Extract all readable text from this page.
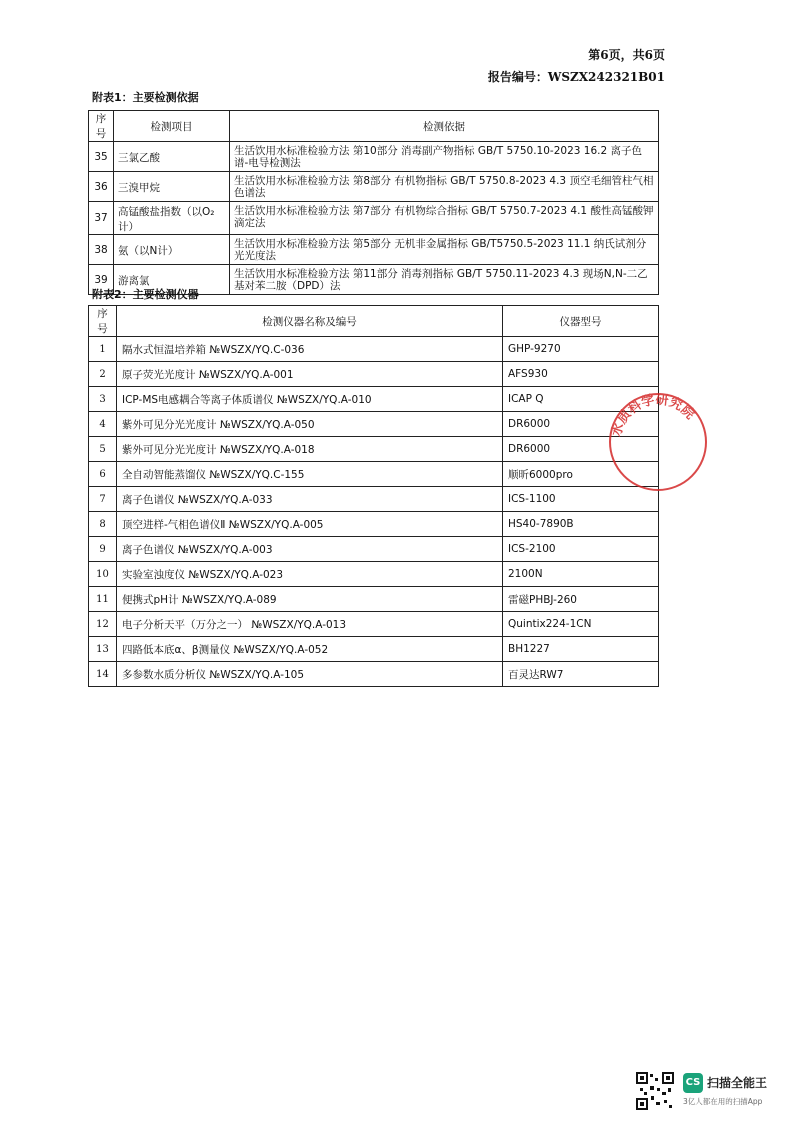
第6页，共6页
报告编号：WSZX242321B01
附表1：主要检测依据
序号	检测项目	检测依据
35	三氯乙酸	生活饮用水标准检验方法 第10部分 消毒副产物指标 GB/T 5750.10-2023 16.2 离子色谱-电导检测法
36	三溴甲烷	生活饮用水标准检验方法 第8部分 有机物指标 GB/T 5750.8-2023 4.3 顶空毛细管柱气相色谱法
37	高锰酸盐指数（以O₂ 计）	生活饮用水标准检验方法 第7部分 有机物综合指标 GB/T 5750.7-2023 4.1 酸性高锰酸钾滴定法
38	氨（以N计）	生活饮用水标准检验方法 第5部分 无机非金属指标 GB/T5750.5-2023 11.1 纳氏试剂分光光度法
39	游离氯	生活饮用水标准检验方法 第11部分 消毒剂指标 GB/T 5750.11-2023 4.3 现场N,N-二乙基对苯二胺（DPD）法
附表2：主要检测仪器
序号	检测仪器名称及编号	仪器型号
1	隔水式恒温培养箱 №WSZX/YQ.C-036	GHP-9270
2	原子荧光光度计 №WSZX/YQ.A-001	AFS930
3	ICP-MS电感耦合等离子体质谱仪 №WSZX/YQ.A-010	ICAP Q
4	紫外可见分光光度计 №WSZX/YQ.A-050	DR6000
5	紫外可见分光光度计 №WSZX/YQ.A-018	DR6000
6	全自动智能蒸馏仪 №WSZX/YQ.C-155	顺昕6000pro
7	离子色谱仪 №WSZX/YQ.A-033	ICS-1100
8	顶空进样-气相色谱仪Ⅱ №WSZX/YQ.A-005	HS40-7890B
9	离子色谱仪 №WSZX/YQ.A-003	ICS-2100
10	实验室浊度仪 №WSZX/YQ.A-023	2100N
11	便携式pH计 №WSZX/YQ.A-089	雷磁PHBJ-260
12	电子分析天平（万分之一） №WSZX/YQ.A-013	Quintix224-1CN
13	四路低本底α、β测量仪 №WSZX/YQ.A-052	BH1227
14	多参数水质分析仪 №WSZX/YQ.A-105	百灵达RW7
水质科学研究院
CS 扫描全能王
3亿人都在用的扫描App
